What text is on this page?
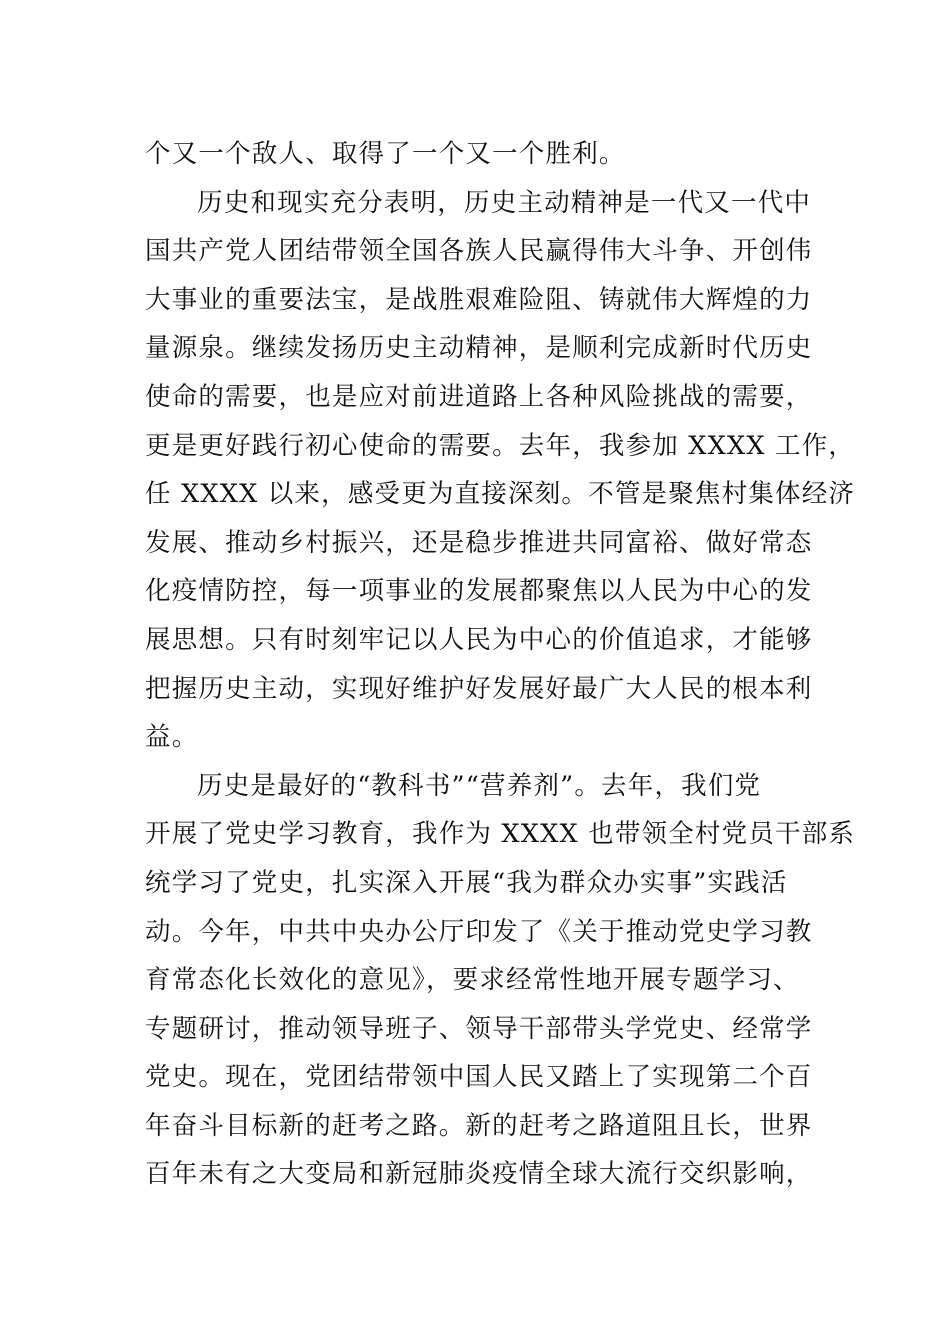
个又一个敌人、取得了一个又一个胜利。
历史和现实充分表明，历史主动精神是一代又一代中
国共产党人团结带领全国各族人民赢得伟大斗争、开创伟
大事业的重要法宝，是战胜艰难险阻、铸就伟大辉煌的力
量源泉。继续发扬历史主动精神，是顺利完成新时代历史
使命的需要，也是应对前进道路上各种风险挑战的需要，
更是更好践行初心使命的需要。去年，我参加 XXXX 工作，
任 XXXX 以来，感受更为直接深刻。不管是聚焦村集体经济
发展、推动乡村振兴，还是稳步推进共同富裕、做好常态
化疫情防控，每一项事业的发展都聚焦以人民为中心的发
展思想。只有时刻牢记以人民为中心的价值追求，才能够
把握历史主动，实现好维护好发展好最广大人民的根本利
益。
历史是最好的“教科书”“营养剂”。去年，我们党
开展了党史学习教育，我作为 XXXX 也带领全村党员干部系
统学习了党史，扎实深入开展“我为群众办实事”实践活
动。今年，中共中央办公厅印发了《关于推动党史学习教
育常态化长效化的意见》，要求经常性地开展专题学习、
专题研讨，推动领导班子、领导干部带头学党史、经常学
党史。现在，党团结带领中国人民又踏上了实现第二个百
年奋斗目标新的赶考之路。新的赶考之路道阻且长，世界
百年未有之大变局和新冠肺炎疫情全球大流行交织影响，
